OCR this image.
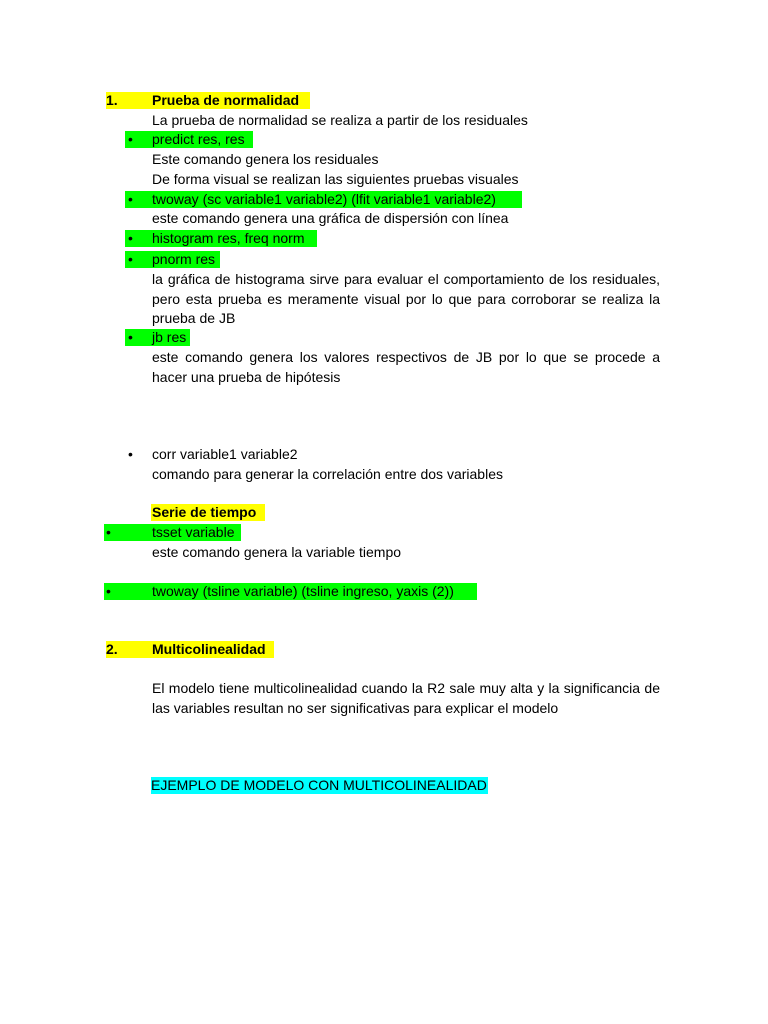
1. Prueba de normalidad
La prueba de normalidad se realiza a partir de los residuales
• predict res, res
Este comando genera los residuales
De forma visual se realizan las siguientes pruebas visuales
• twoway (sc variable1 variable2) (lfit variable1 variable2)
este comando genera una gráfica de dispersión con línea
• histogram res, freq norm
• pnorm res
la gráfica de histograma sirve para evaluar el comportamiento de los residuales, pero esta prueba es meramente visual por lo que para corroborar se realiza la prueba de JB
• jb res
este comando genera los valores respectivos de JB por lo que se procede a hacer una prueba de hipótesis
• corr variable1 variable2
comando para generar la correlación entre dos variables
Serie de tiempo
•	tsset variable
este comando genera la variable tiempo
•	twoway (tsline variable) (tsline ingreso, yaxis (2))
2. Multicolinealidad
El modelo tiene multicolinealidad cuando la R2 sale muy alta y la significancia de las variables resultan no ser significativas para explicar el modelo
EJEMPLO DE MODELO CON MULTICOLINEALIDAD
